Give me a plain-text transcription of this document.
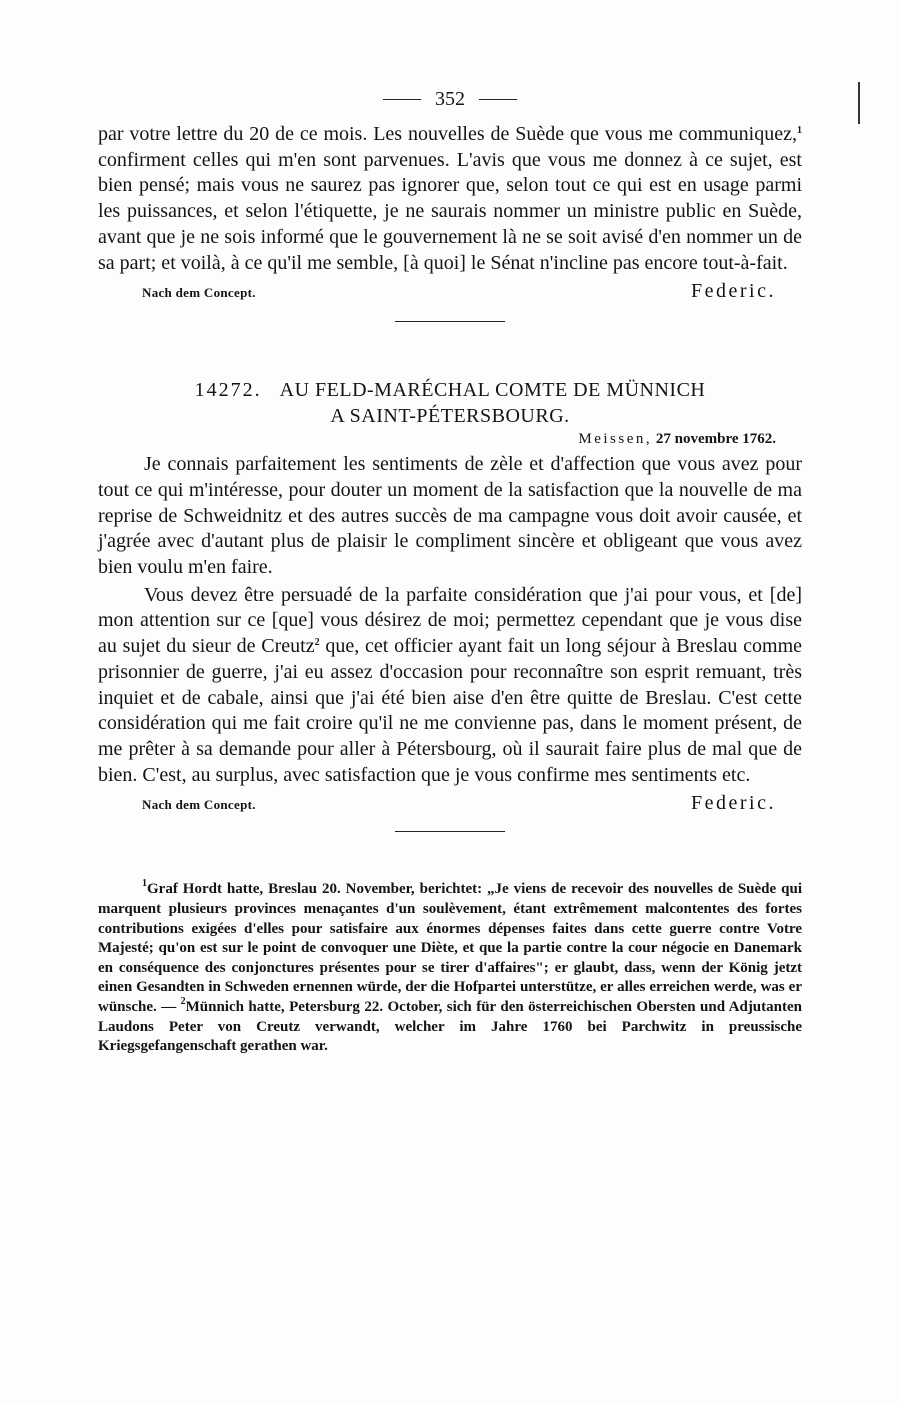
352

par votre lettre du 20 de ce mois. Les nouvelles de Suède que vous me communiquez,$^1$ confirment celles qui m'en sont parvenues. L'avis que vous me donnez à ce sujet, est bien pensé; mais vous ne saurez pas ignorer que, selon tout ce qui est en usage parmi les puissances, et selon l'étiquette, je ne saurais nommer un ministre public en Suède, avant que je ne sois informé que le gouvernement là ne se soit avisé d'en nommer un de sa part; et voilà, à ce qu'il me semble, [à quoi] le Sénat n'incline pas encore tout-à-fait.

Nach dem Concept.	Federic.
14272. AU FELD-MARÉCHAL COMTE DE MÜNNICH
A SAINT-PÉTERSBOURG.
Meissen, 27 novembre 1762.

Je connais parfaitement les sentiments de zèle et d'affection que vous avez pour tout ce qui m'intéresse, pour douter un moment de la satisfaction que la nouvelle de ma reprise de Schweidnitz et des autres succès de ma campagne vous doit avoir causée, et j'agrée avec d'autant plus de plaisir le compliment sincère et obligeant que vous avez bien voulu m'en faire.

Vous devez être persuadé de la parfaite considération que j'ai pour vous, et [de] mon attention sur ce [que] vous désirez de moi; permettez cependant que je vous dise au sujet du sieur de Creutz$^2$ que, cet officier ayant fait un long séjour à Breslau comme prisonnier de guerre, j'ai eu assez d'occasion pour reconnaître son esprit remuant, très inquiet et de cabale, ainsi que j'ai été bien aise d'en être quitte de Breslau. C'est cette considération qui me fait croire qu'il ne me convienne pas, dans le moment présent, de me prêter à sa demande pour aller à Pétersbourg, où il saurait faire plus de mal que de bien. C'est, au surplus, avec satisfaction que je vous confirme mes sentiments etc.

Nach dem Concept.	Federic.
$^1$Graf Hordt hatte, Breslau 20. November, berichtet: „Je viens de recevoir des nouvelles de Suède qui marquent plusieurs provinces menaçantes d'un soulèvement, étant extrêmement malcontentes des fortes contributions exigées d'elles pour satisfaire aux énormes dépenses faites dans cette guerre contre Votre Majesté; qu'on est sur le point de convoquer une Diète, et que la partie contre la cour négocie en Danemark en conséquence des conjonctures présentes pour se tirer d'affaires"; er glaubt, dass, wenn der König jetzt einen Gesandten in Schweden ernennen würde, der die Hofpartei unterstütze, er alles erreichen werde, was er wünsche. — $^2$Münnich hatte, Petersburg 22. October, sich für den österreichischen Obersten und Adjutanten Laudons Peter von Creutz verwandt, welcher im Jahre 1760 bei Parchwitz in preussische Kriegsgefangenschaft gerathen war.
